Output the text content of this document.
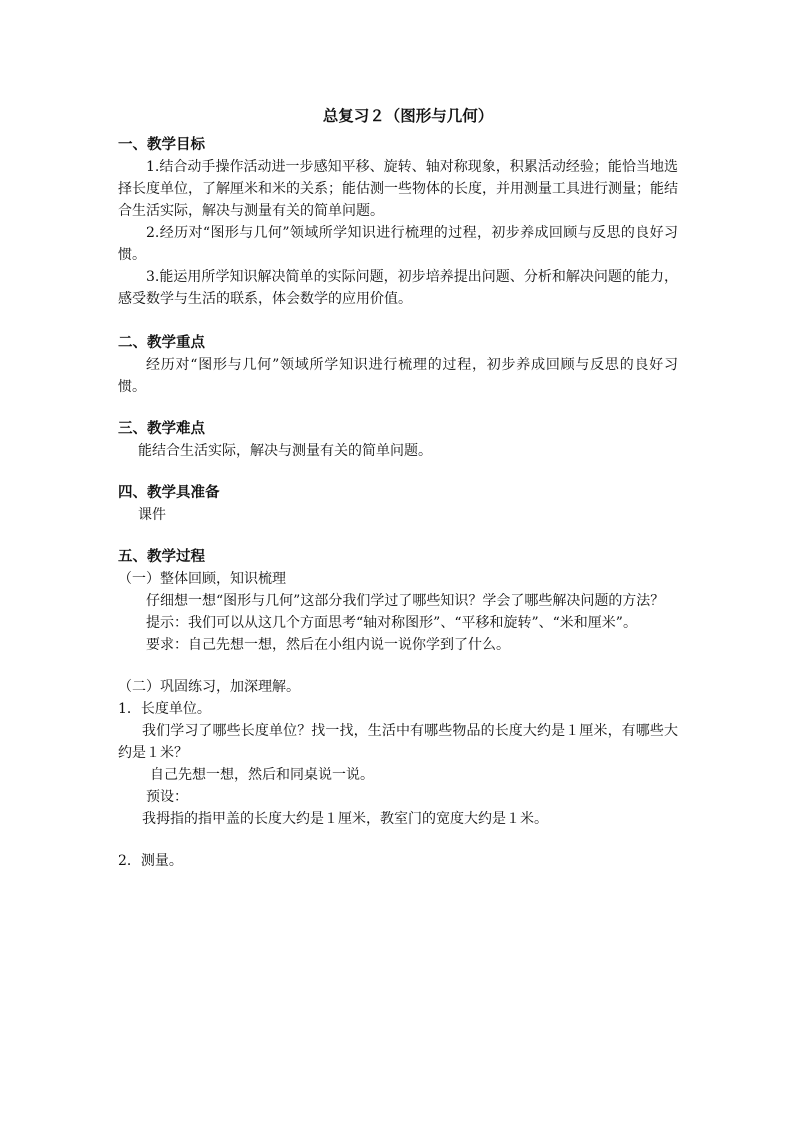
总复习２（图形与几何）
一、教学目标

1.结合动手操作活动进一步感知平移、旋转、轴对称现象，积累活动经验；能恰当地选择长度单位，了解厘米和米的关系；能估测一些物体的长度，并用测量工具进行测量；能结合生活实际，解决与测量有关的简单问题。

2.经历对“图形与几何”领域所学知识进行梳理的过程，初步养成回顾与反思的良好习惯。

3.能运用所学知识解决简单的实际问题，初步培养提出问题、分析和解决问题的能力，感受数学与生活的联系，体会数学的应用价值。

二、教学重点

经历对“图形与几何”领域所学知识进行梳理的过程，初步养成回顾与反思的良好习惯。

三、教学难点

能结合生活实际，解决与测量有关的简单问题。

四、教学具准备

课件

五、教学过程

（一）整体回顾，知识梳理

仔细想一想“图形与几何”这部分我们学过了哪些知识？学会了哪些解决问题的方法？

提示：我们可以从这几个方面思考“轴对称图形”、“平移和旋转”、“米和厘米”。

要求：自己先想一想，然后在小组内说一说你学到了什么。

（二）巩固练习，加深理解。

1．长度单位。

我们学习了哪些长度单位？找一找，生活中有哪些物品的长度大约是１厘米，有哪些大约是１米？

自己先想一想，然后和同桌说一说。

预设：

我拇指的指甲盖的长度大约是１厘米，教室门的宽度大约是１米。

2．测量。
